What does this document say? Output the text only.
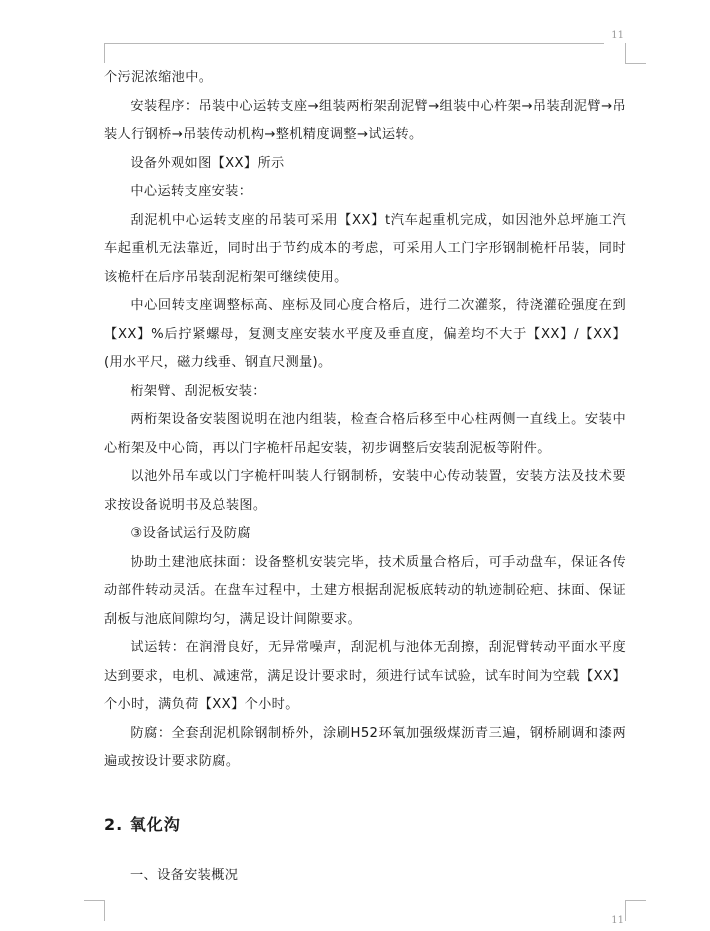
11

个污泥浓缩池中。

安装程序：吊装中心运转支座→组装两桁架刮泥臂→组装中心杵架→吊装刮泥臂→吊装人行钢桥→吊装传动机构→整机精度调整→试运转。

设备外观如图【XX】所示

中心运转支座安装：

刮泥机中心运转支座的吊装可采用【XX】t汽车起重机完成，如因池外总坪施工汽车起重机无法靠近，同时出于节约成本的考虑，可采用人工门字形钢制桅杆吊装，同时该桅杆在后序吊装刮泥桁架可继续使用。

中心回转支座调整标高、座标及同心度合格后，进行二次灌浆，待浇灌砼强度在到【XX】%后拧紧螺母，复测支座安装水平度及垂直度，偏差均不大于【XX】/【XX】(用水平尺，磁力线垂、钢直尺测量)。

桁架臂、刮泥板安装：

两桁架设备安装图说明在池内组装，检查合格后移至中心柱两侧一直线上。安装中心桁架及中心筒，再以门字桅杆吊起安装，初步调整后安装刮泥板等附件。

以池外吊车或以门字桅杆叫装人行钢制桥，安装中心传动装置，安装方法及技术要求按设备说明书及总装图。

③设备试运行及防腐

协助土建池底抹面：设备整机安装完毕，技术质量合格后，可手动盘车，保证各传动部件转动灵活。在盘车过程中，土建方根据刮泥板底转动的轨迹制砼疤、抹面、保证刮板与池底间隙均匀，满足设计间隙要求。

试运转：在润滑良好，无异常噪声，刮泥机与池体无刮擦，刮泥臂转动平面水平度达到要求，电机、减速常，满足设计要求时，须进行试车试验，试车时间为空载【XX】个小时，满负荷【XX】个小时。

防腐：全套刮泥机除钢制桥外，涂刷H52环氧加强级煤沥青三遍，钢桥刷调和漆两遍或按设计要求防腐。

2. 氧化沟

一、设备安装概况

11
